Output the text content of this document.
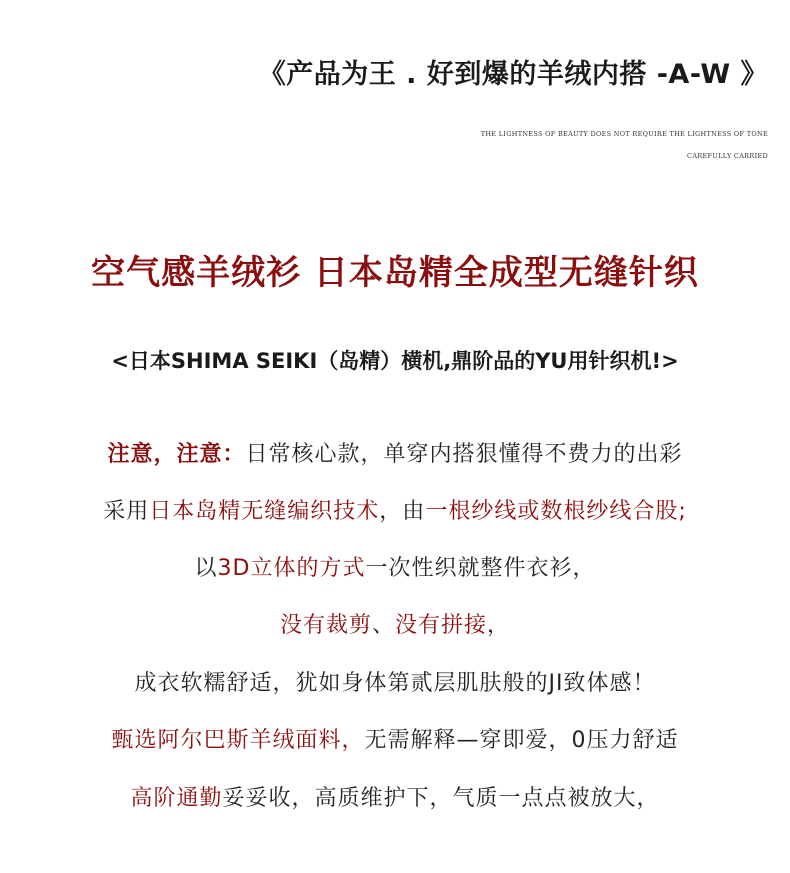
《产品为王 . 好到爆的羊绒内搭 -A-W 》
THE LIGHTNESS OF BEAUTY DOES NOT REQUIRE THE LIGHTNESS OF TONE
CAREFULLY CARRIED
空气感羊绒衫 日本岛精全成型无缝针织
<日本SHIMA SEIKI（岛精）横机,鼎阶品的YU用针织机!>
注意，注意：日常核心款，单穿内搭狠懂得不费力的出彩
采用日本岛精无缝编织技术，由一根纱线或数根纱线合股;
以3D立体的方式一次性织就整件衣衫，
没有裁剪、没有拼接，
成衣软糯舒适，犹如身体第贰层肌肤般的JI致体感！
甄选阿尔巴斯羊绒面料，无需解释—穿即爱，0压力舒适
高阶通勤妥妥收，高质维护下，气质一点点被放大，
